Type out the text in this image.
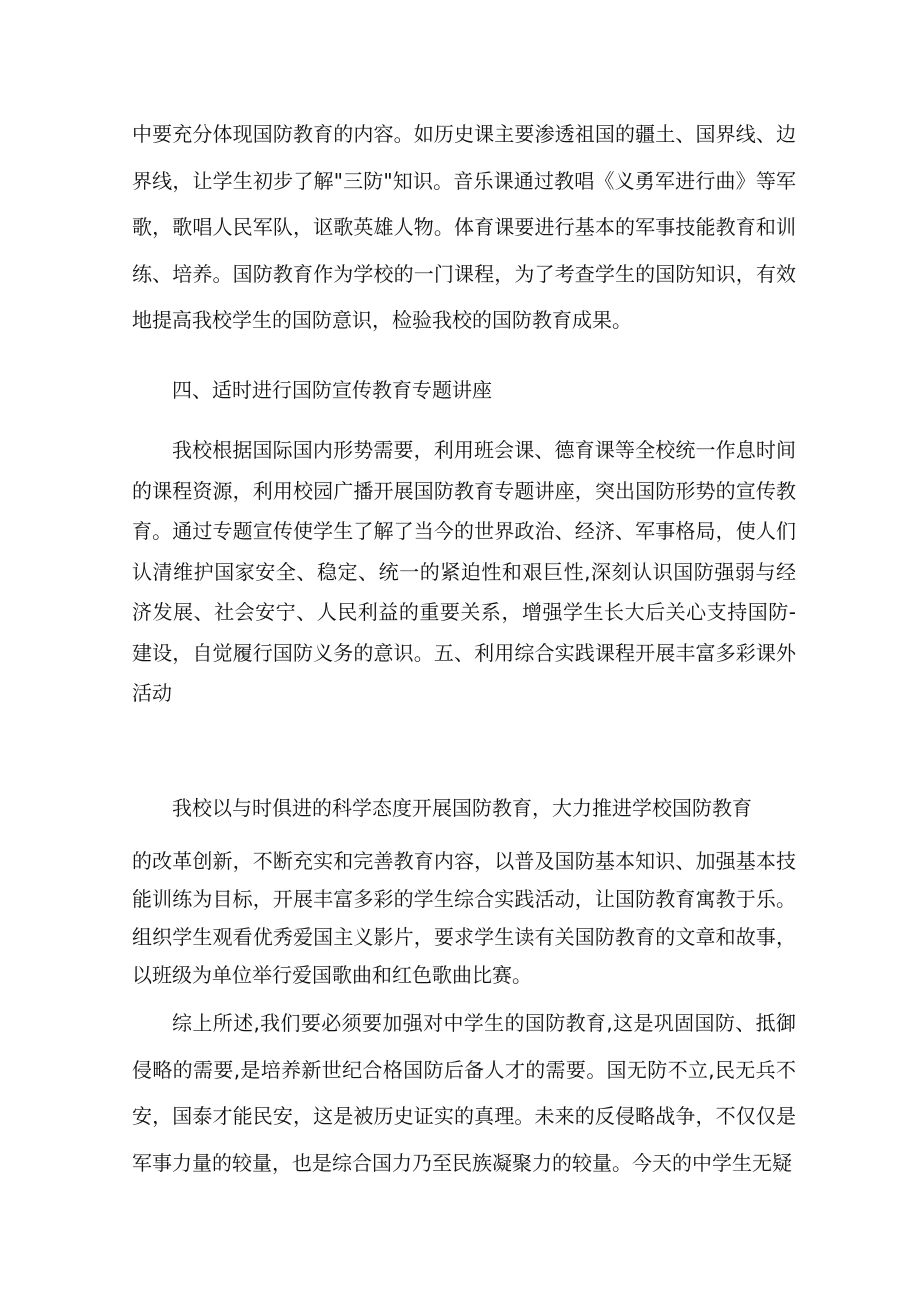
中要充分体现国防教育的内容。如历史课主要渗透祖国的疆土、国界线、边界线，让学生初步了解"三防"知识。音乐课通过教唱《义勇军进行曲》等军歌，歌唱人民军队，讴歌英雄人物。体育课要进行基本的军事技能教育和训练、培养。国防教育作为学校的一门课程，为了考查学生的国防知识，有效地提高我校学生的国防意识，检验我校的国防教育成果。

四、适时进行国防宣传教育专题讲座

我校根据国际国内形势需要，利用班会课、德育课等全校统一作息时间的课程资源，利用校园广播开展国防教育专题讲座，突出国防形势的宣传教育。通过专题宣传使学生了解了当今的世界政治、经济、军事格局，使人们认清维护国家安全、稳定、统一的紧迫性和艰巨性,深刻认识国防强弱与经济发展、社会安宁、人民利益的重要关系，增强学生长大后关心支持国防-建设，自觉履行国防义务的意识。五、利用综合实践课程开展丰富多彩课外活动

我校以与时俱进的科学态度开展国防教育，大力推进学校国防教育

的改革创新，不断充实和完善教育内容，以普及国防基本知识、加强基本技能训练为目标，开展丰富多彩的学生综合实践活动，让国防教育寓教于乐。组织学生观看优秀爱国主义影片，要求学生读有关国防教育的文章和故事，以班级为单位举行爱国歌曲和红色歌曲比赛。

综上所述,我们要必须要加强对中学生的国防教育,这是巩固国防、抵御侵略的需要,是培养新世纪合格国防后备人才的需要。国无防不立,民无兵不安，国泰才能民安，这是被历史证实的真理。未来的反侵略战争，不仅仅是军事力量的较量，也是综合国力乃至民族凝聚力的较量。今天的中学生无疑
